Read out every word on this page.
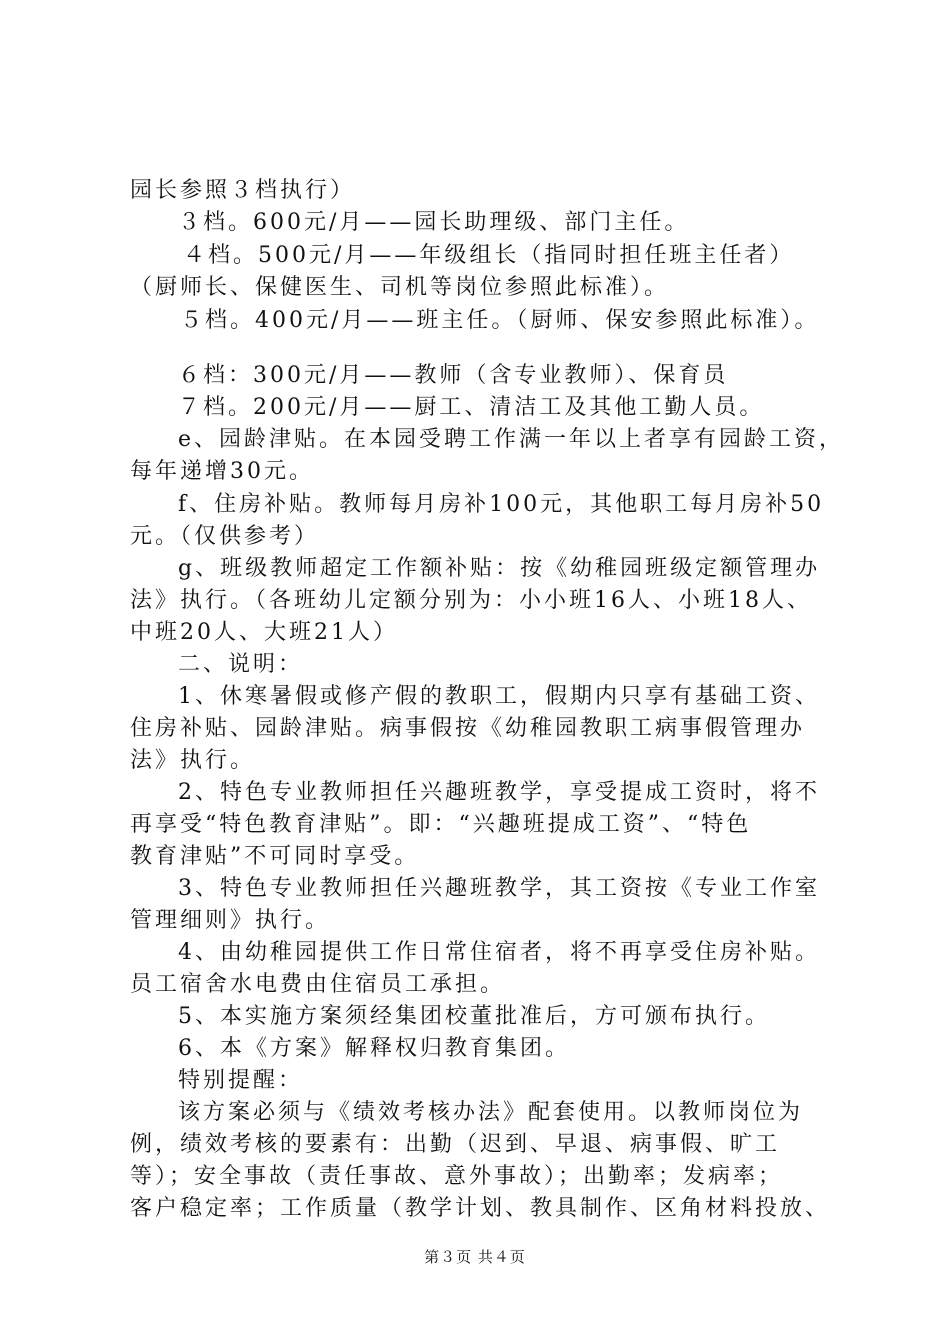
园长参照３档执行）
３档。600元/月——园长助理级、部门主任。
４档。500元/月——年级组长（指同时担任班主任者）
（厨师长、保健医生、司机等岗位参照此标准）。
５档。400元/月——班主任。（厨师、保安参照此标准）。
６档：300元/月——教师（含专业教师）、保育员
７档。200元/月——厨工、清洁工及其他工勤人员。
e、园龄津贴。在本园受聘工作满一年以上者享有园龄工资，
每年递增30元。
f、住房补贴。教师每月房补100元，其他职工每月房补50
元。（仅供参考）
g、班级教师超定工作额补贴：按《幼稚园班级定额管理办
法》执行。（各班幼儿定额分别为：小小班16人、小班18人、
中班20人、大班21人）
二、说明：
1、休寒暑假或修产假的教职工，假期内只享有基础工资、
住房补贴、园龄津贴。病事假按《幼稚园教职工病事假管理办
法》执行。
2、特色专业教师担任兴趣班教学，享受提成工资时，将不
再享受“特色教育津贴”。即：“兴趣班提成工资”、“特色
教育津贴”不可同时享受。
3、特色专业教师担任兴趣班教学，其工资按《专业工作室
管理细则》执行。
4、由幼稚园提供工作日常住宿者，将不再享受住房补贴。
员工宿舍水电费由住宿员工承担。
5、本实施方案须经集团校董批准后，方可颁布执行。
6、本《方案》解释权归教育集团。
特别提醒：
该方案必须与《绩效考核办法》配套使用。以教师岗位为
例，绩效考核的要素有：出勤（迟到、早退、病事假、旷工
等）；安全事故（责任事故、意外事故）；出勤率；发病率；
客户稳定率；工作质量（教学计划、教具制作、区角材料投放、
第３页 共４页
